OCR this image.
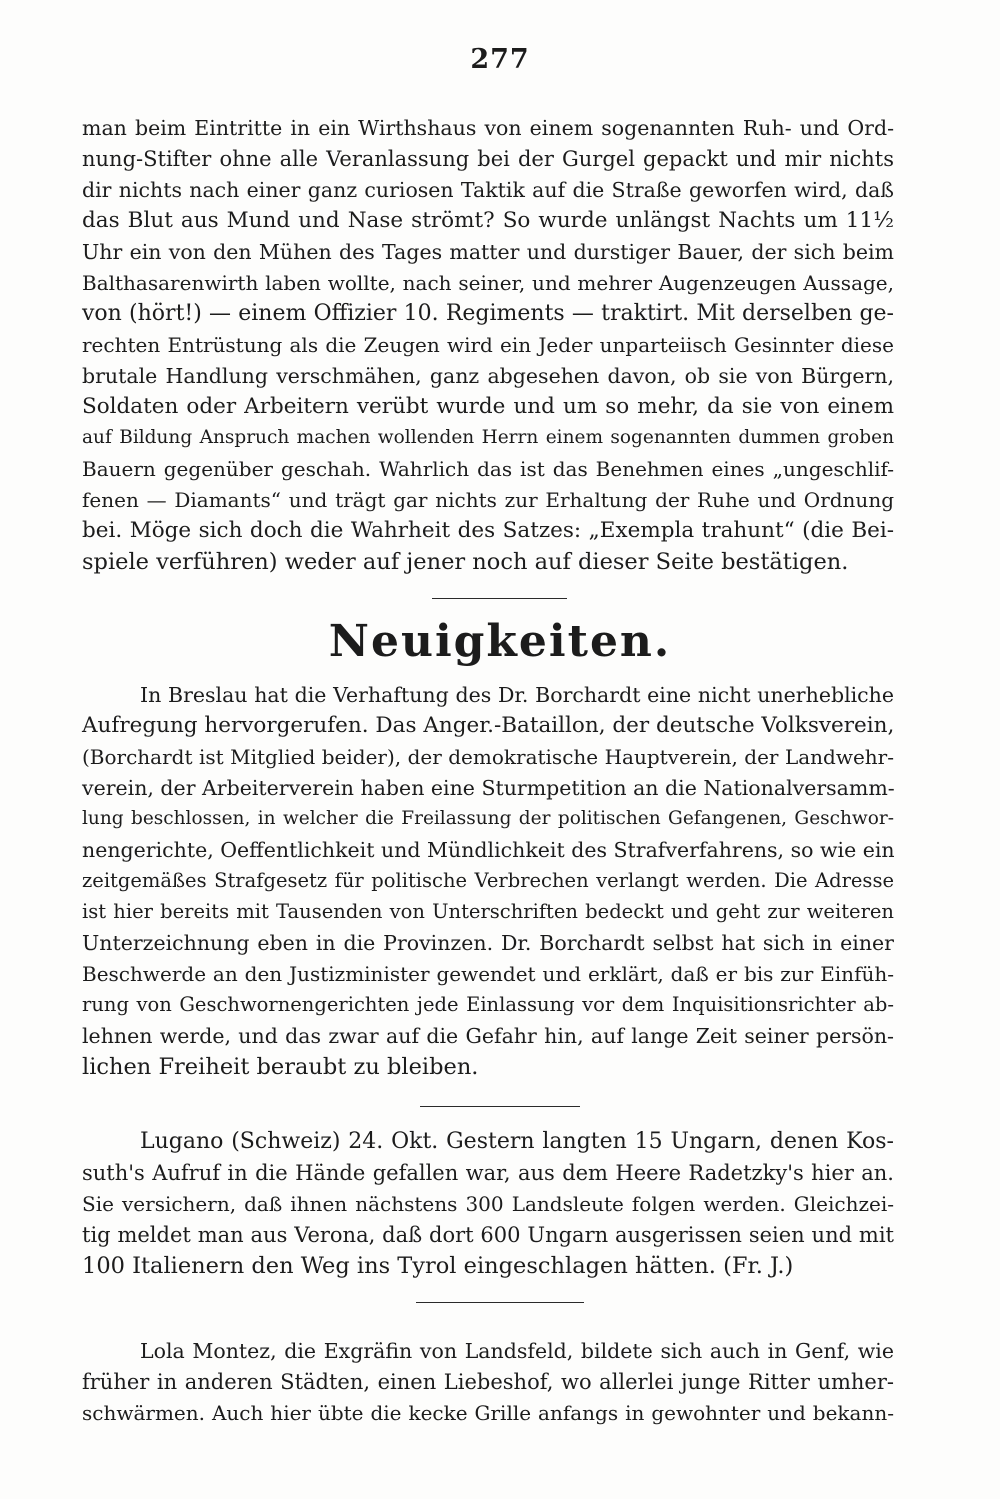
277
man beim Eintritte in ein Wirthshaus von einem sogenannten Ruh- und Ord-
nung-Stifter ohne alle Veranlassung bei der Gurgel gepackt und mir nichts
dir nichts nach einer ganz curiosen Taktik auf die Straße geworfen wird, daß
das Blut aus Mund und Nase strömt? So wurde unlängst Nachts um 11½
Uhr ein von den Mühen des Tages matter und durstiger Bauer, der sich beim
Balthasarenwirth laben wollte, nach seiner, und mehrer Augenzeugen Aussage,
von (hört!) — einem Offizier 10. Regiments — traktirt. Mit derselben ge-
rechten Entrüstung als die Zeugen wird ein Jeder unparteiisch Gesinnter diese
brutale Handlung verschmähen, ganz abgesehen davon, ob sie von Bürgern,
Soldaten oder Arbeitern verübt wurde und um so mehr, da sie von einem
auf Bildung Anspruch machen wollenden Herrn einem sogenannten dummen groben
Bauern gegenüber geschah. Wahrlich das ist das Benehmen eines „ungeschlif-
fenen — Diamants“ und trägt gar nichts zur Erhaltung der Ruhe und Ordnung
bei. Möge sich doch die Wahrheit des Satzes: „Exempla trahunt“ (die Bei-
spiele verführen) weder auf jener noch auf dieser Seite bestätigen.
Neuigkeiten.
In Breslau hat die Verhaftung des Dr. Borchardt eine nicht unerhebliche
Aufregung hervorgerufen. Das Anger.-Bataillon, der deutsche Volksverein,
(Borchardt ist Mitglied beider), der demokratische Hauptverein, der Landwehr-
verein, der Arbeiterverein haben eine Sturmpetition an die Nationalversamm-
lung beschlossen, in welcher die Freilassung der politischen Gefangenen, Geschwor-
nengerichte, Oeffentlichkeit und Mündlichkeit des Strafverfahrens, so wie ein
zeitgemäßes Strafgesetz für politische Verbrechen verlangt werden. Die Adresse
ist hier bereits mit Tausenden von Unterschriften bedeckt und geht zur weiteren
Unterzeichnung eben in die Provinzen. Dr. Borchardt selbst hat sich in einer
Beschwerde an den Justizminister gewendet und erklärt, daß er bis zur Einfüh-
rung von Geschwornengerichten jede Einlassung vor dem Inquisitionsrichter ab-
lehnen werde, und das zwar auf die Gefahr hin, auf lange Zeit seiner persön-
lichen Freiheit beraubt zu bleiben.
Lugano (Schweiz) 24. Okt. Gestern langten 15 Ungarn, denen Kos-
suth's Aufruf in die Hände gefallen war, aus dem Heere Radetzky's hier an.
Sie versichern, daß ihnen nächstens 300 Landsleute folgen werden. Gleichzei-
tig meldet man aus Verona, daß dort 600 Ungarn ausgerissen seien und mit
100 Italienern den Weg ins Tyrol eingeschlagen hätten. (Fr. J.)
Lola Montez, die Exgräfin von Landsfeld, bildete sich auch in Genf, wie
früher in anderen Städten, einen Liebeshof, wo allerlei junge Ritter umher-
schwärmen. Auch hier übte die kecke Grille anfangs in gewohnter und bekann-
